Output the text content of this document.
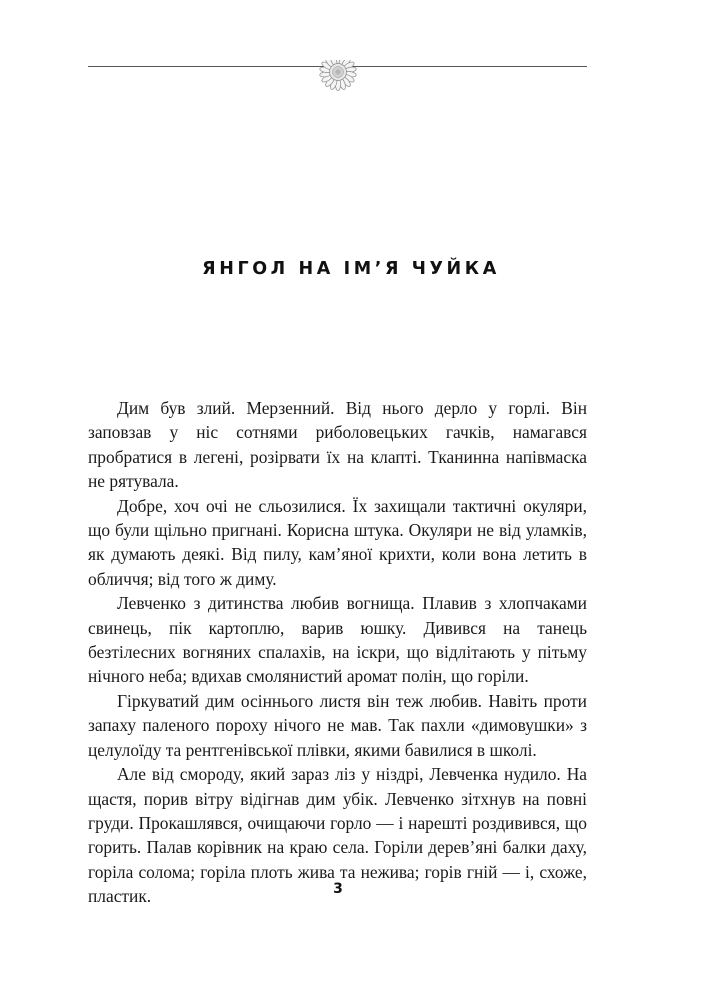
ЯНГОЛ НА ІМ’Я ЧУЙКА

Дим був злий. Мерзенний. Від нього дерло у горлі. Він заповзав у ніс сотнями риболовецьких гачків, намагався пробратися в легені, розірвати їх на клапті. Тканинна напівмаска не рятувала.

Добре, хоч очі не сльозилися. Їх захищали тактичні окуляри, що були щільно пригнані. Корисна штука. Окуляри не від уламків, як думають деякі. Від пилу, кам’яної крихти, коли вона летить в обличчя; від того ж диму.

Левченко з дитинства любив вогнища. Плавив з хлопчаками свинець, пік картоплю, варив юшку. Дивився на танець безтілесних вогняних спалахів, на іскри, що відлітають у пітьму нічного неба; вдихав смолянистий аромат полін, що горіли.

Гіркуватий дим осіннього листя він теж любив. Навіть проти запаху паленого пороху нічого не мав. Так пахли «димовушки» з целулоїду та рентгенівської плівки, якими бавилися в школі.

Але від смороду, який зараз ліз у ніздрі, Левченка нудило. На щастя, порив вітру відігнав дим убік. Левченко зітхнув на повні груди. Прокашлявся, очищаючи горло — і нарешті роздивився, що горить. Палав корівник на краю села. Горіли дерев’яні балки даху, горіла солома; горіла плоть жива та нежива; горів гній — і, схоже, пластик.	3
